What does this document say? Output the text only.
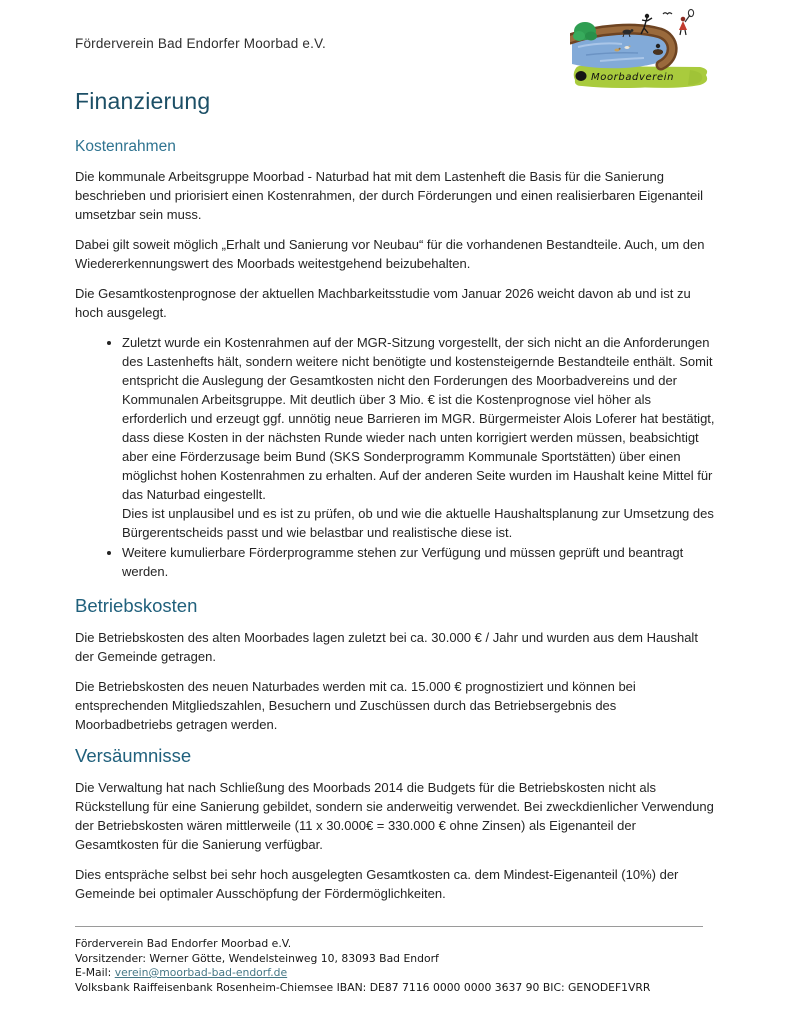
Förderverein Bad Endorfer Moorbad e.V.
Moorbadverein
Finanzierung
Kostenrahmen

Die kommunale Arbeitsgruppe Moorbad - Naturbad hat mit dem Lastenheft die Basis für die Sanierung beschrieben und priorisiert einen Kostenrahmen, der durch Förderungen und einen realisierbaren Eigenanteil umsetzbar sein muss.

Dabei gilt soweit möglich „Erhalt und Sanierung vor Neubau“ für die vorhandenen Bestandteile. Auch, um den Wiedererkennungswert des Moorbads weitestgehend beizubehalten.

Die Gesamtkostenprognose der aktuellen Machbarkeitsstudie vom Januar 2026 weicht davon ab und ist zu hoch ausgelegt.

• Zuletzt wurde ein Kostenrahmen auf der MGR-Sitzung vorgestellt, der sich nicht an die Anforderungen des Lastenhefts hält, sondern weitere nicht benötigte und kostensteigernde Bestandteile enthält. Somit entspricht die Auslegung der Gesamtkosten nicht den Forderungen des Moorbadvereins und der Kommunalen Arbeitsgruppe. Mit deutlich über 3 Mio. € ist die Kostenprognose viel höher als erforderlich und erzeugt ggf. unnötig neue Barrieren im MGR. Bürgermeister Alois Loferer hat bestätigt, dass diese Kosten in der nächsten Runde wieder nach unten korrigiert werden müssen, beabsichtigt aber eine Förderzusage beim Bund (SKS Sonderprogramm Kommunale Sportstätten) über einen möglichst hohen Kostenrahmen zu erhalten. Auf der anderen Seite wurden im Haushalt keine Mittel für das Naturbad eingestellt.

Dies ist unplausibel und es ist zu prüfen, ob und wie die aktuelle Haushaltsplanung zur Umsetzung des Bürgerentscheids passt und wie belastbar und realistische diese ist.

• Weitere kumulierbare Förderprogramme stehen zur Verfügung und müssen geprüft und beantragt werden.

Betriebskosten

Die Betriebskosten des alten Moorbades lagen zuletzt bei ca. 30.000 € / Jahr und wurden aus dem Haushalt der Gemeinde getragen.

Die Betriebskosten des neuen Naturbades werden mit ca. 15.000 € prognostiziert und können bei entsprechenden Mitgliedszahlen, Besuchern und Zuschüssen durch das Betriebsergebnis des Moorbadbetriebs getragen werden.

Versäumnisse

Die Verwaltung hat nach Schließung des Moorbads 2014 die Budgets für die Betriebskosten nicht als Rückstellung für eine Sanierung gebildet, sondern sie anderweitig verwendet. Bei zweckdienlicher Verwendung der Betriebskosten wären mittlerweile (11 x 30.000€ = 330.000 € ohne Zinsen) als Eigenanteil der Gesamtkosten für die Sanierung verfügbar.

Dies entspräche selbst bei sehr hoch ausgelegten Gesamtkosten ca. dem Mindest-Eigenanteil (10%) der Gemeinde bei optimaler Ausschöpfung der Fördermöglichkeiten.

Förderverein Bad Endorfer Moorbad e.V.
Vorsitzender: Werner Götte, Wendelsteinweg 10, 83093 Bad Endorf
E-Mail: verein@moorbad-bad-endorf.de
Volksbank Raiffeisenbank Rosenheim-Chiemsee IBAN: DE87 7116 0000 0000 3637 90 BIC: GENODEF1VRR
